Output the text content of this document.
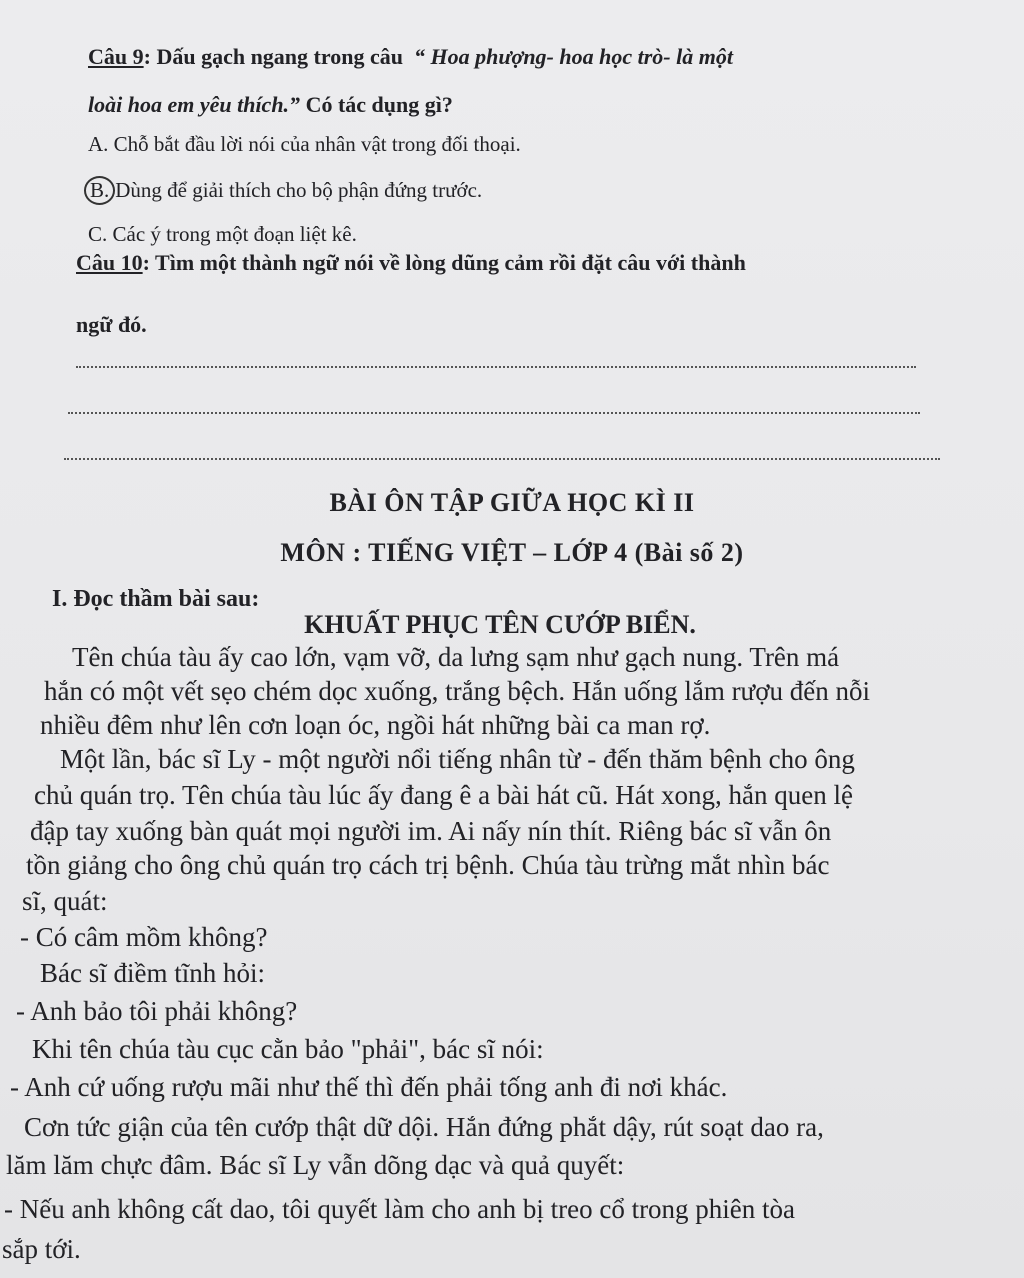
Câu 9: Dấu gạch ngang trong câu “ Hoa phượng- hoa học trò- là một
loài hoa em yêu thích.” Có tác dụng gì?
A. Chỗ bắt đầu lời nói của nhân vật trong đối thoại.
B. Dùng để giải thích cho bộ phận đứng trước.
C. Các ý trong một đoạn liệt kê.
Câu 10: Tìm một thành ngữ nói về lòng dũng cảm rồi đặt câu với thành
ngữ đó.
BÀI ÔN TẬP GIỮA HỌC KÌ II
MÔN : TIẾNG VIỆT – LỚP 4 (Bài số 2)
I. Đọc thầm bài sau:
KHUẤT PHỤC TÊN CƯỚP BIỂN.
Tên chúa tàu ấy cao lớn, vạm vỡ, da lưng sạm như gạch nung. Trên má
hắn có một vết sẹo chém dọc xuống, trắng bệch. Hắn uống lắm rượu đến nỗi
nhiều đêm như lên cơn loạn óc, ngồi hát những bài ca man rợ.
Một lần, bác sĩ Ly - một người nổi tiếng nhân từ - đến thăm bệnh cho ông
chủ quán trọ. Tên chúa tàu lúc ấy đang ê a bài hát cũ. Hát xong, hắn quen lệ
đập tay xuống bàn quát mọi người im. Ai nấy nín thít. Riêng bác sĩ vẫn ôn
tồn giảng cho ông chủ quán trọ cách trị bệnh. Chúa tàu trừng mắt nhìn bác
sĩ, quát:
- Có câm mồm không?
Bác sĩ điềm tĩnh hỏi:
- Anh bảo tôi phải không?
Khi tên chúa tàu cục cằn bảo "phải", bác sĩ nói:
- Anh cứ uống rượu mãi như thế thì đến phải tống anh đi nơi khác.
Cơn tức giận của tên cướp thật dữ dội. Hắn đứng phắt dậy, rút soạt dao ra,
lăm lăm chực đâm. Bác sĩ Ly vẫn dõng dạc và quả quyết:
- Nếu anh không cất dao, tôi quyết làm cho anh bị treo cổ trong phiên tòa
sắp tới.
